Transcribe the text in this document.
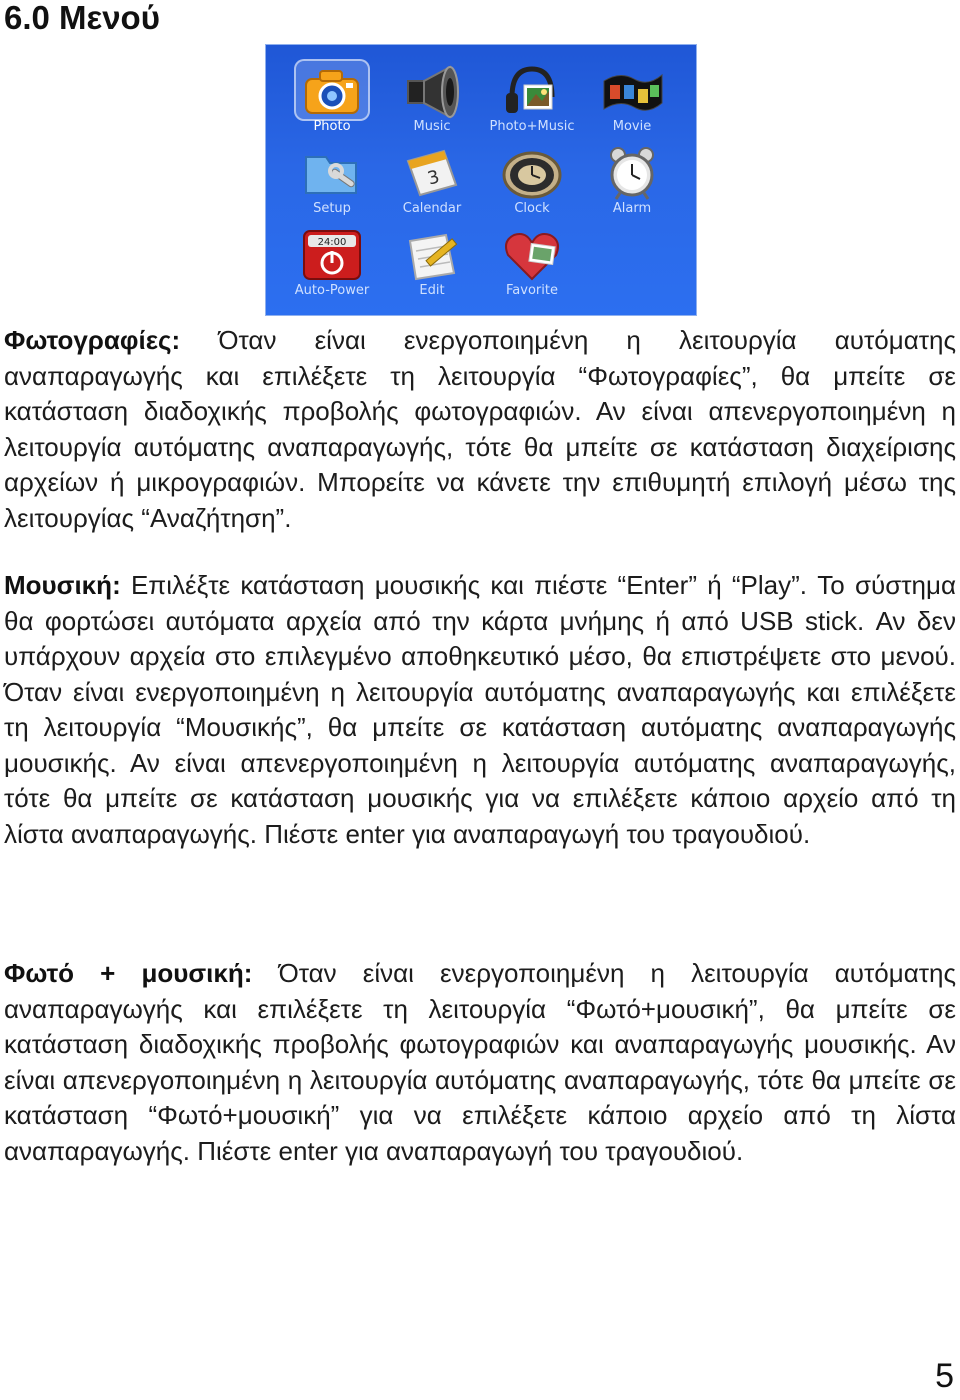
6.0 Μενού
Photo	Music	Photo+Music	Movie
Setup
3
Calendar	Clock	Alarm
24:00
Auto-Power	Edit	Favorite

Φωτογραφίες: Όταν είναι ενεργοποιημένη η λειτουργία αυτόματης αναπαραγωγής και επιλέξετε τη λειτουργία “Φωτογραφίες”, θα μπείτε σε κατάσταση διαδοχικής προβολής φωτογραφιών. Αν είναι απενεργοποιημένη η λειτουργία αυτόματης αναπαραγωγής, τότε θα μπείτε σε κατάσταση διαχείρισης αρχείων ή μικρογραφιών. Μπορείτε να κάνετε την επιθυμητή επιλογή μέσω της λειτουργίας “Αναζήτηση”.

Μουσική: Επιλέξτε κατάσταση μουσικής και πιέστε “Enter” ή “Play”. Το σύστημα θα φορτώσει αυτόματα αρχεία από την κάρτα μνήμης ή από USB stick. Αν δεν υπάρχουν αρχεία στο επιλεγμένο αποθηκευτικό μέσο, θα επιστρέψετε στο μενού. Όταν είναι ενεργοποιημένη η λειτουργία αυτόματης αναπαραγωγής και επιλέξετε τη λειτουργία “Μουσικής”, θα μπείτε σε κατάσταση αυτόματης αναπαραγωγής μουσικής. Αν είναι απενεργοποιημένη η λειτουργία αυτόματης αναπαραγωγής, τότε θα μπείτε σε κατάσταση μουσικής για να επιλέξετε κάποιο αρχείο από τη λίστα αναπαραγωγής. Πιέστε enter για αναπαραγωγή του τραγουδιού.

Φωτό + μουσική: Όταν είναι ενεργοποιημένη η λειτουργία αυτόματης αναπαραγωγής και επιλέξετε τη λειτουργία “Φωτό+μουσική”, θα μπείτε σε κατάσταση διαδοχικής προβολής φωτογραφιών και αναπαραγωγής μουσικής. Αν είναι απενεργοποιημένη η λειτουργία αυτόματης αναπαραγωγής, τότε θα μπείτε σε κατάσταση “Φωτό+μουσική” για να επιλέξετε κάποιο αρχείο από τη λίστα αναπαραγωγής. Πιέστε enter για αναπαραγωγή του τραγουδιού.

5
